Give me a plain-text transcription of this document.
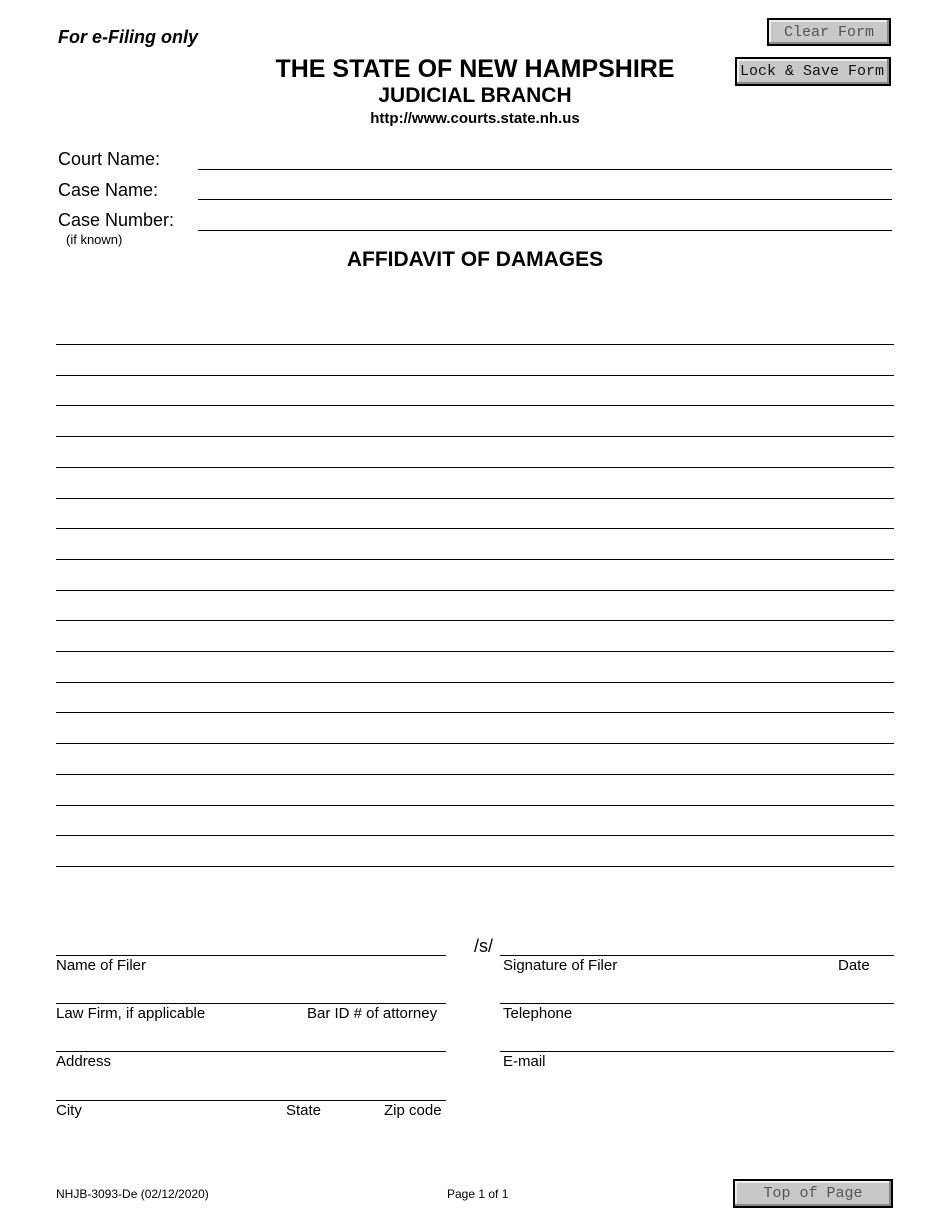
For e-Filing only
THE STATE OF NEW HAMPSHIRE
JUDICIAL BRANCH
http://www.courts.state.nh.us
Clear Form
Lock & Save Form
Court Name:
Case Name:
Case Number:
(if known)
AFFIDAVIT OF DAMAGES
/s/
Name of Filer	Signature of Filer	Date
Law Firm, if applicable	Bar ID # of attorney	Telephone
Address	E-mail
City	State	Zip code
NHJB-3093-De (02/12/2020)	Page 1 of 1	Top of Page
